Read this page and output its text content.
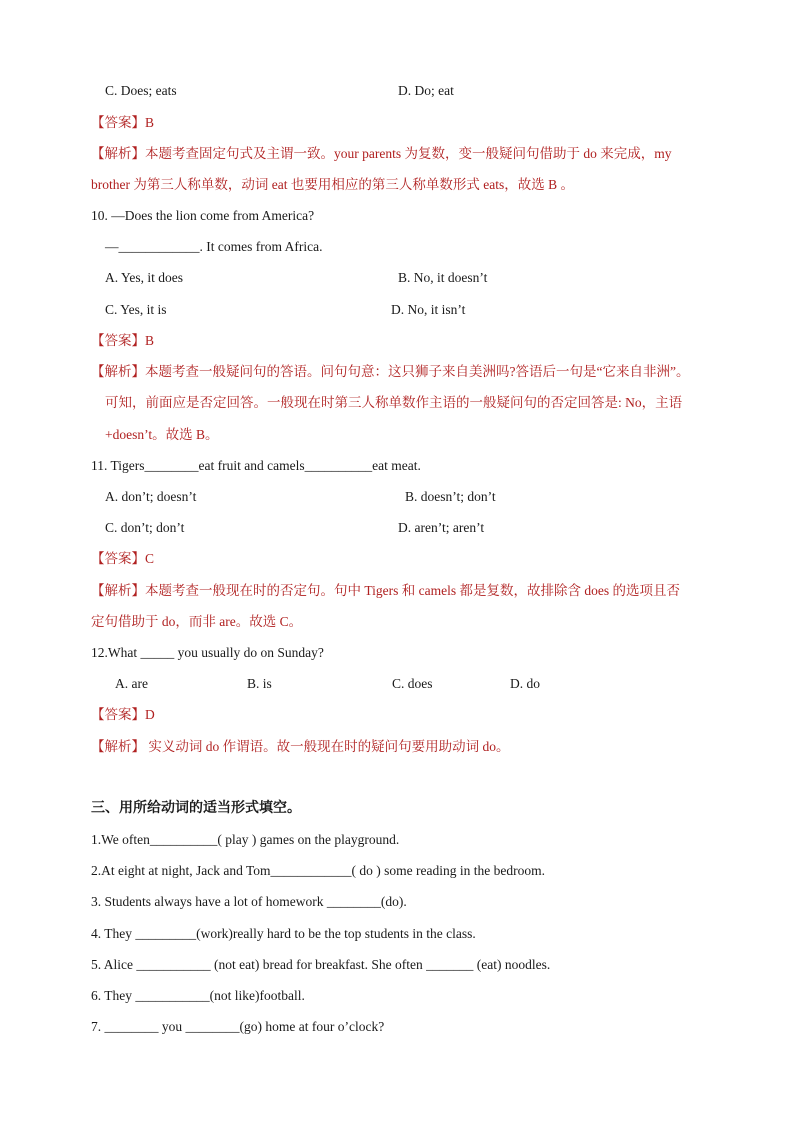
C. Does; eats	D. Do; eat
【答案】B
【解析】本题考查固定句式及主谓一致。your parents 为复数，变一般疑问句借助于 do 来完成，my
brother 为第三人称单数，动词 eat 也要用相应的第三人称单数形式 eats，故选 B 。
10. —Does the lion come from America?
—____________. It comes from Africa.
A. Yes, it does	B. No, it doesn’t
C. Yes, it is	D. No, it isn’t
【答案】B
【解析】本题考查一般疑问句的答语。问句句意：这只狮子来自美洲吗?答语后一句是“它来自非洲”。
可知，前面应是否定回答。一般现在时第三人称单数作主语的一般疑问句的否定回答是: No，主语
+doesn’t。故选 B。
11. Tigers________eat fruit and camels__________eat meat.
A. don’t; doesn’t	B. doesn’t; don’t
C. don’t; don’t	D. aren’t; aren’t
【答案】C
【解析】本题考查一般现在时的否定句。句中 Tigers 和 camels 都是复数，故排除含 does 的选项且否
定句借助于 do，而非 are。故选 C。
12.What _____ you usually do on Sunday?
A. are	B. is	C. does	D. do
【答案】D
【解析】 实义动词 do 作谓语。故一般现在时的疑问句要用助动词 do。
三、用所给动词的适当形式填空。
1.We often__________( play ) games on the playground.
2.At eight at night, Jack and Tom____________( do ) some reading in the bedroom.
3. Students always have a lot of homework ________(do).
4. They _________(work)really hard to be the top students in the class.
5. Alice ___________ (not eat) bread for breakfast. She often _______ (eat) noodles.
6. They ___________(not like)football.
7. ________ you ________(go) home at four o’clock?
